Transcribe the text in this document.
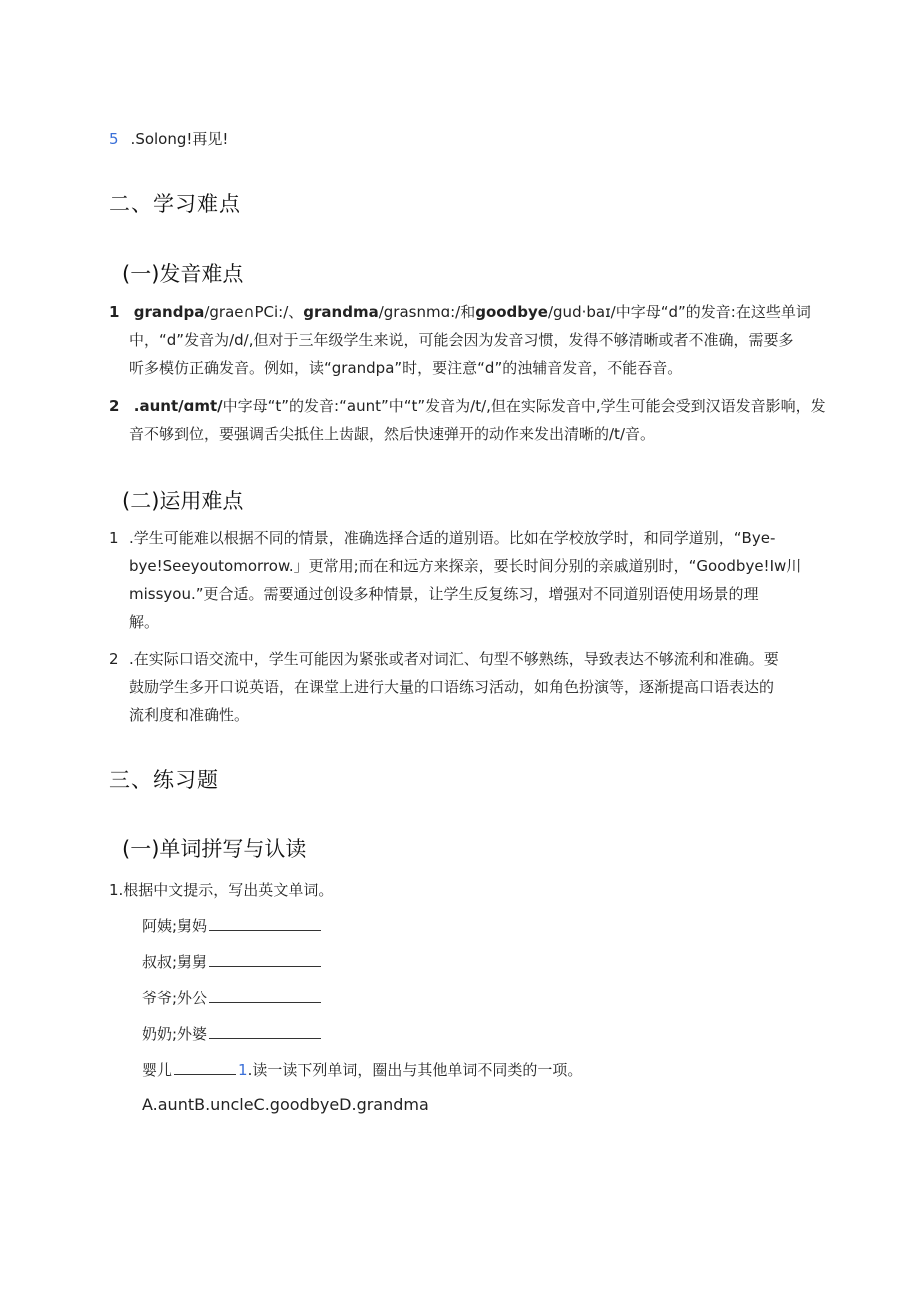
5 .Solong!再见!
二、学习难点
(一)发音难点
1 grandpa∕grae∩PCi:/、grandma∕grasnmɑ:/和goodbye∕gud·baɪ∕中字母“d”的发音:在这些单词
中，“d”发音为∕d∕,但对于三年级学生来说，可能会因为发音习惯，发得不够清晰或者不准确，需要多
听多模仿正确发音。例如，读“grandpa”时，要注意“d”的浊辅音发音，不能吞音。
2 .aunt∕ɑmt∕中字母“t”的发音:“aunt”中“t”发音为∕t∕,但在实际发音中,学生可能会受到汉语发音影响，发
音不够到位，要强调舌尖抵住上齿龈，然后快速弹开的动作来发出清晰的∕t∕音。
(二)运用难点
1 .学生可能难以根据不同的情景，准确选择合适的道别语。比如在学校放学时，和同学道别，“Bye-
bye!Seeyoutomorrow.」更常用;而在和远方来探亲，要长时间分别的亲戚道别时，“Goodbye!Iw川
missyou.”更合适。需要通过创设多种情景，让学生反复练习，增强对不同道别语使用场景的理
解。
2 .在实际口语交流中，学生可能因为紧张或者对词汇、句型不够熟练，导致表达不够流利和准确。要
鼓励学生多开口说英语，在课堂上进行大量的口语练习活动，如角色扮演等，逐渐提高口语表达的
流利度和准确性。
三、练习题
(一)单词拼写与认读
1.根据中文提示，写出英文单词。
阿姨;舅妈
叔叔;舅舅
爷爷;外公
奶奶;外婆
婴儿	1.读一读下列单词，圈出与其他单词不同类的一项。
A.auntB.uncleC.goodbyeD.grandma
